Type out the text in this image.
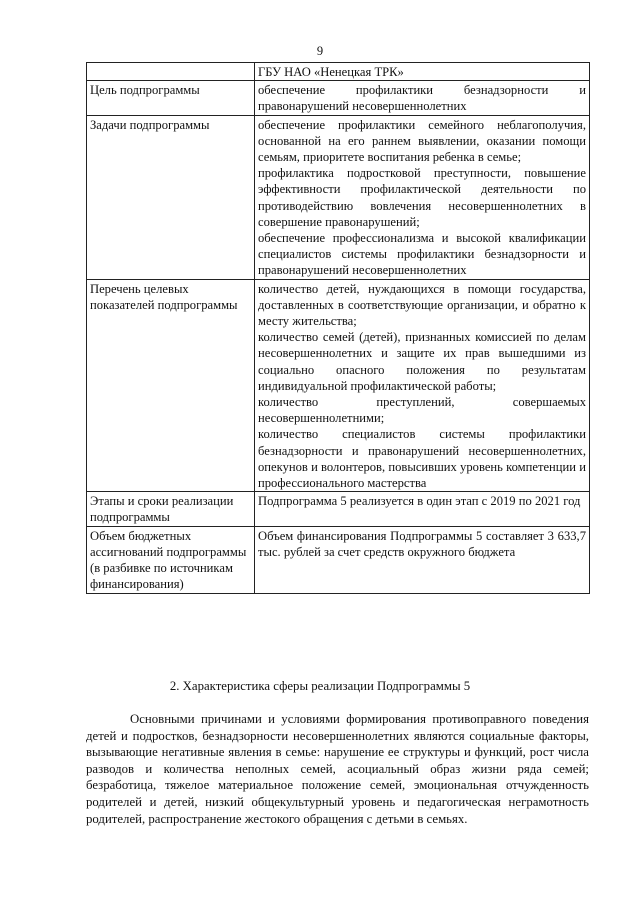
9

	ГБУ НАО «Ненецкая ТРК»

Цель подпрограммы	обеспечение профилактики безнадзорности и правонарушений несовершеннолетних

Задачи подпрограммы	обеспечение профилактики семейного неблагополучия, основанной на его раннем выявлении, оказании помощи семьям, приоритете воспитания ребенка в семье;
профилактика подростковой преступности, повышение эффективности профилактической деятельности по противодействию вовлечения несовершеннолетних в совершение правонарушений;
обеспечение профессионализма и высокой квалификации специалистов системы профилактики безнадзорности и правонарушений несовершеннолетних

Перечень целевых показателей подпрограммы	количество детей, нуждающихся в помощи государства, доставленных в соответствующие организации, и обратно к месту жительства;
количество семей (детей), признанных комиссией по делам несовершеннолетних и защите их прав вышедшими из социально опасного положения по результатам индивидуальной профилактической работы;
количество преступлений, совершаемых несовершеннолетними;
количество специалистов системы профилактики безнадзорности и правонарушений несовершеннолетних, опекунов и волонтеров, повысивших уровень компетенции и профессионального мастерства

Этапы и сроки реализации подпрограммы	Подпрограмма 5 реализуется в один этап с 2019 по 2021 год

Объем бюджетных ассигнований подпрограммы (в разбивке по источникам финансирования)	Объем финансирования Подпрограммы 5 составляет 3 633,7 тыс. рублей за счет средств окружного бюджета
2. Характеристика сферы реализации Подпрограммы 5
Основными причинами и условиями формирования противоправного поведения детей и подростков, безнадзорности несовершеннолетних являются социальные факторы, вызывающие негативные явления в семье: нарушение ее структуры и функций, рост числа разводов и количества неполных семей, асоциальный образ жизни ряда семей; безработица, тяжелое материальное положение семей, эмоциональная отчужденность родителей и детей, низкий общекультурный уровень и педагогическая неграмотность родителей, распространение жестокого обращения с детьми в семьях.
